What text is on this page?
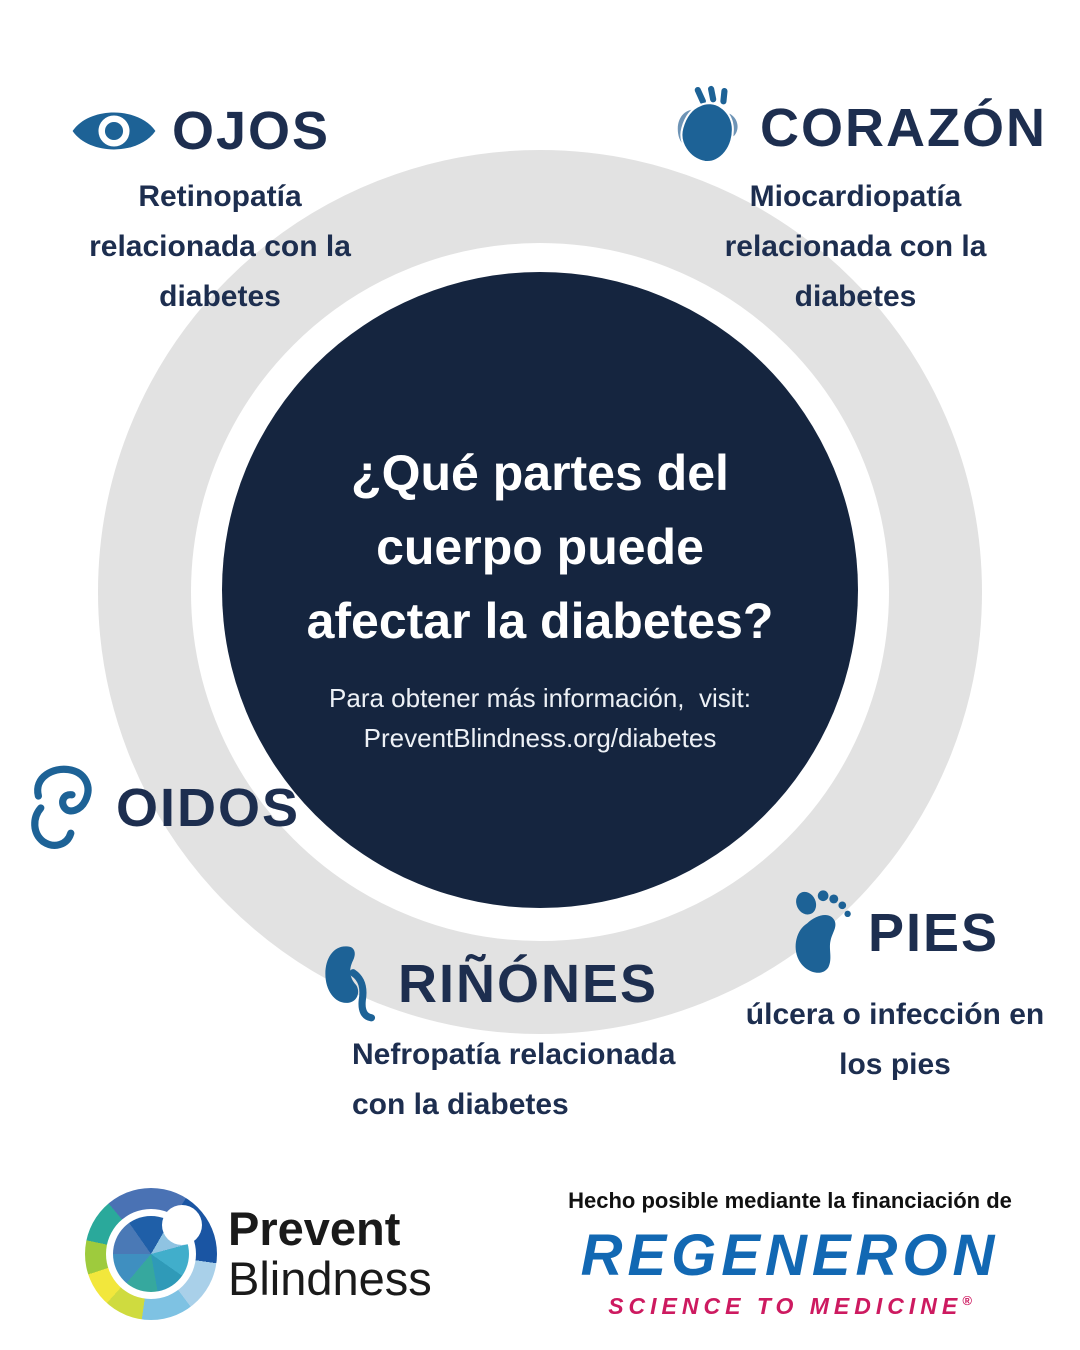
¿Qué partes del
cuerpo puede
afectar la diabetes?
Para obtener más información,  visit:
PreventBlindness.org/diabetes
OJOS
Retinopatía relacionada con la diabetes
CORAZÓN
Miocardiopatía relacionada con la diabetes
OIDOS
RIÑÓNES
Nefropatía relacionada con la diabetes
PIES
úlcera o infección en los pies
Prevent
Blindness
Hecho posible mediante la financiación de
REGENERON
SCIENCE TO MEDICINE®
